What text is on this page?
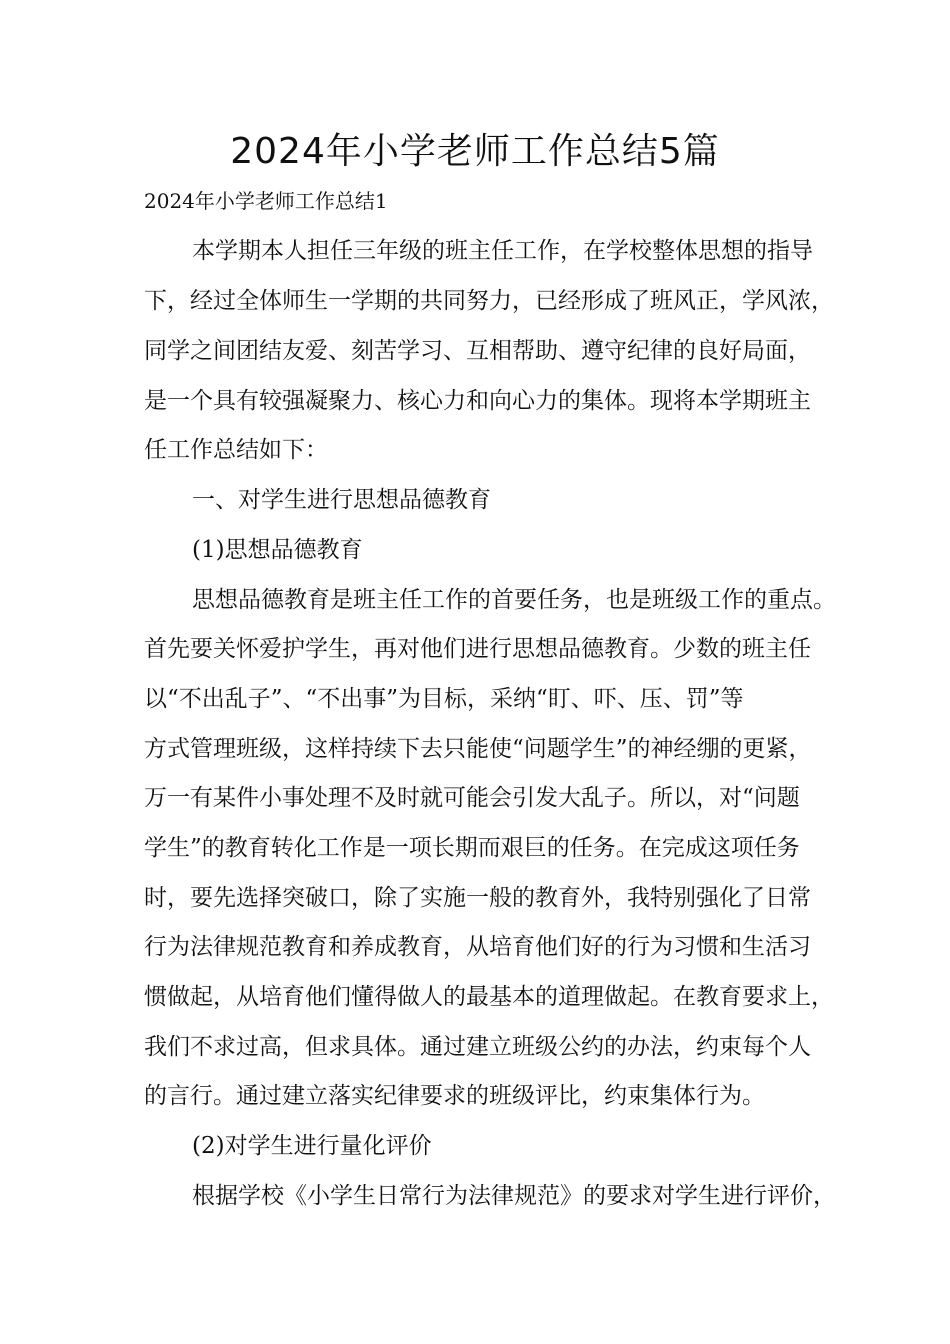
2024年小学老师工作总结5篇

2024年小学老师工作总结1

本学期本人担任三年级的班主任工作，在学校整体思想的指导

下，经过全体师生一学期的共同努力，已经形成了班风正，学风浓，

同学之间团结友爱、刻苦学习、互相帮助、遵守纪律的良好局面，

是一个具有较强凝聚力、核心力和向心力的集体。现将本学期班主

任工作总结如下：

一、对学生进行思想品德教育

(1)思想品德教育

思想品德教育是班主任工作的首要任务，也是班级工作的重点。

首先要关怀爱护学生，再对他们进行思想品德教育。少数的班主任

以“不出乱子”、“不出事”为目标，采纳“盯、吓、压、罚”等

方式管理班级，这样持续下去只能使“问题学生”的神经绷的更紧，

万一有某件小事处理不及时就可能会引发大乱子。所以，对“问题

学生”的教育转化工作是一项长期而艰巨的任务。在完成这项任务

时，要先选择突破口，除了实施一般的教育外，我特别强化了日常

行为法律规范教育和养成教育，从培育他们好的行为习惯和生活习

惯做起，从培育他们懂得做人的最基本的道理做起。在教育要求上，

我们不求过高，但求具体。通过建立班级公约的办法，约束每个人

的言行。通过建立落实纪律要求的班级评比，约束集体行为。

(2)对学生进行量化评价

根据学校《小学生日常行为法律规范》的要求对学生进行评价，
